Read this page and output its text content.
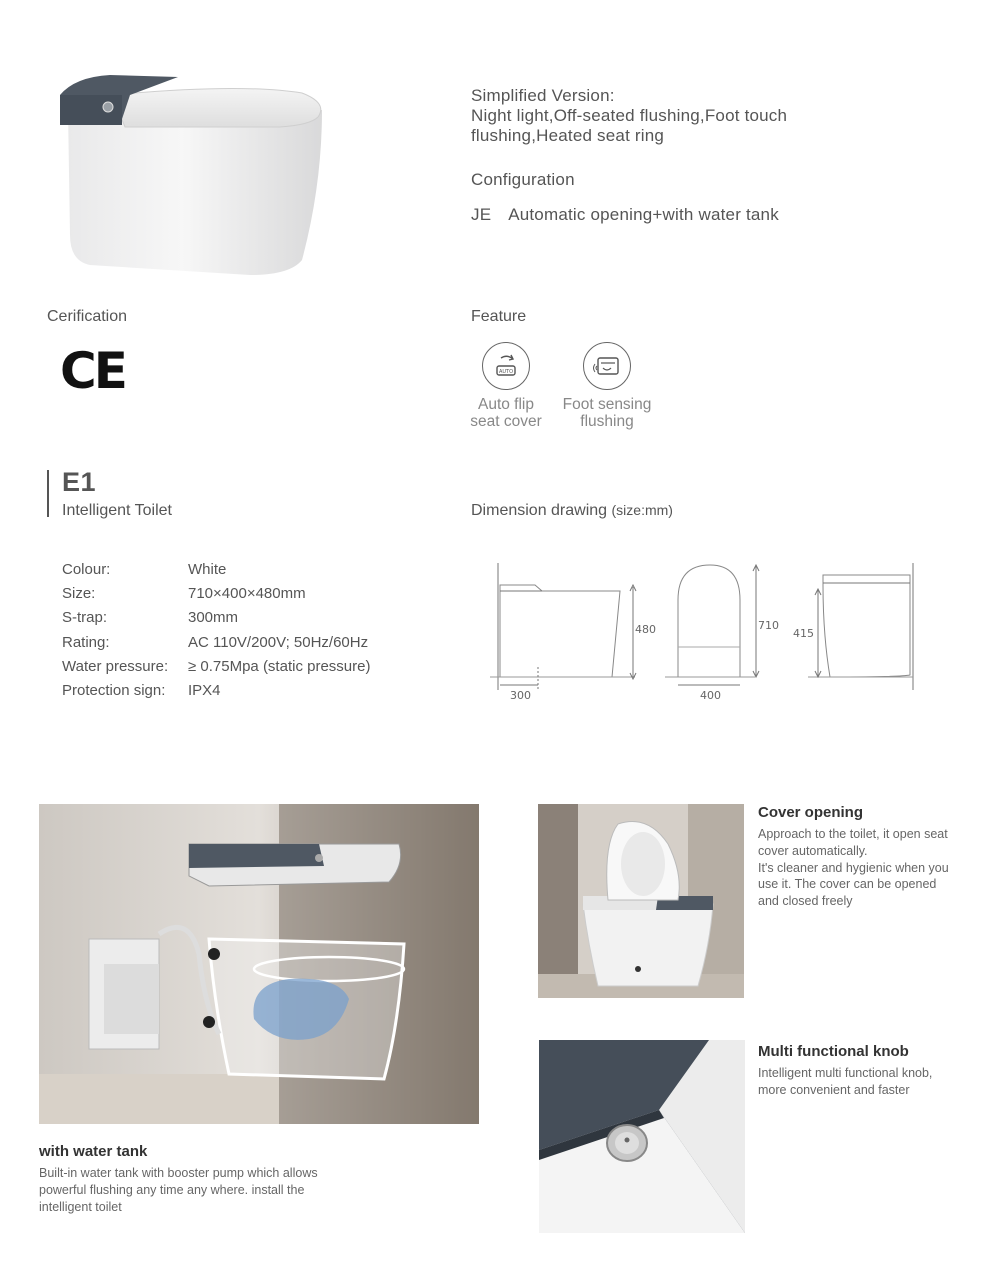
Simplified Version:
Night light,Off-seated flushing,Foot touch
flushing,Heated seat ring
Configuration
JE Automatic opening+with water tank
Cerification
CE
Feature
AUTO
Auto flip
seat cover
Foot sensing
flushing
E1
Intelligent Toilet
Colour:	White
Size:	710×400×480mm
S-trap:	300mm
Rating:	AC 110V/200V; 50Hz/60Hz
Water pressure:	≥ 0.75Mpa (static pressure)
Protection sign:	IPX4
Dimension drawing (size:mm)
480
300
710
400
415
with water tank
Built-in water tank with booster pump which allows
powerful flushing any time any where. install the
intelligent toilet
Cover opening
Approach to the toilet, it open seat
cover automatically.
It's cleaner and hygienic when you
use it. The cover can be opened
and closed freely
Multi functional knob
Intelligent multi functional knob,
more convenient and faster
